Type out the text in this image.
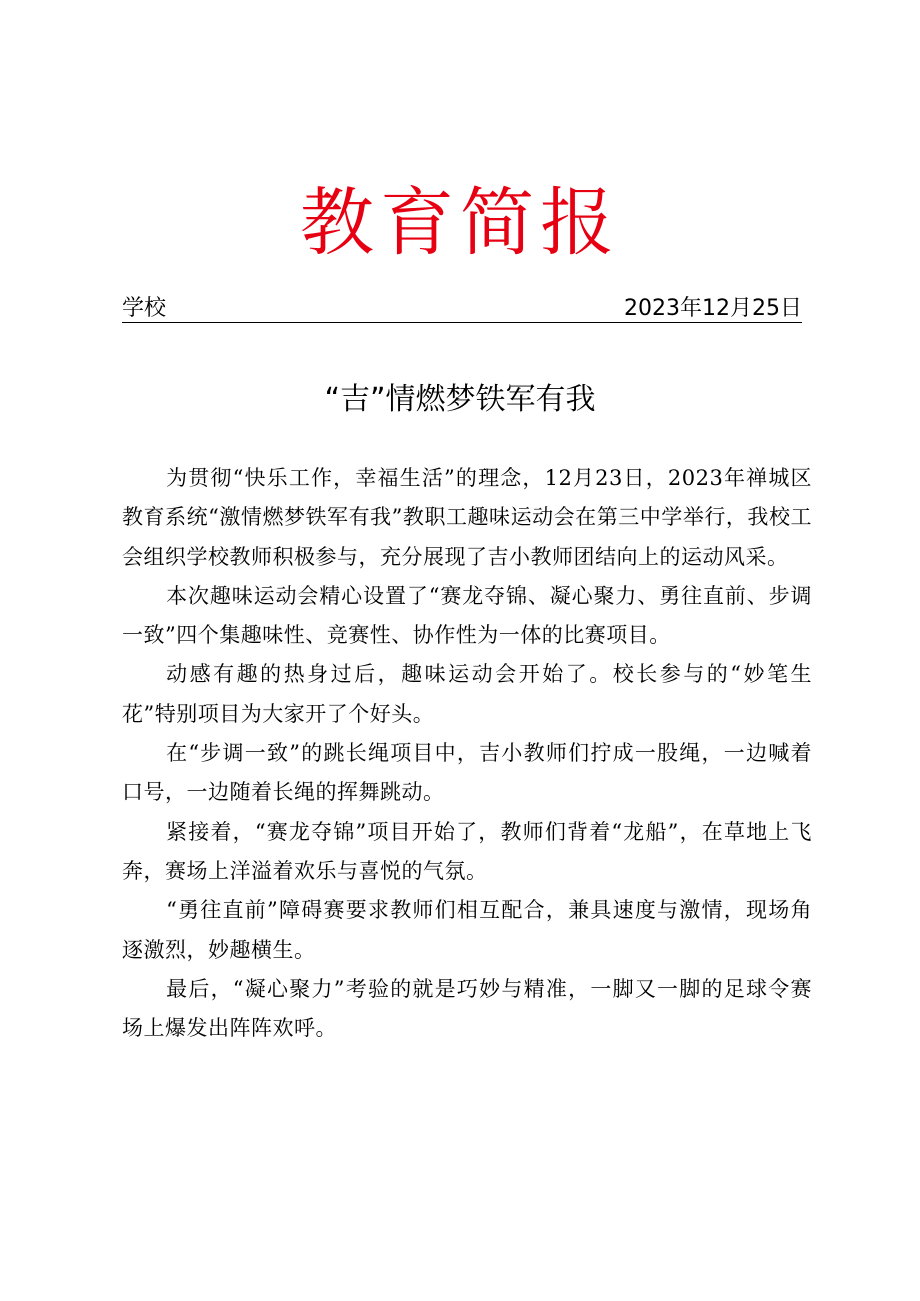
教育简报
学校	2023年12月25日
“吉”情燃梦铁军有我

为贯彻“快乐工作，幸福生活”的理念，12月23日，2023年禅城区教育系统“激情燃梦铁军有我”教职工趣味运动会在第三中学举行，我校工会组织学校教师积极参与，充分展现了吉小教师团结向上的运动风采。

本次趣味运动会精心设置了“赛龙夺锦、凝心聚力、勇往直前、步调一致”四个集趣味性、竞赛性、协作性为一体的比赛项目。

动感有趣的热身过后，趣味运动会开始了。校长参与的“妙笔生花”特别项目为大家开了个好头。

在“步调一致”的跳长绳项目中，吉小教师们拧成一股绳，一边喊着口号，一边随着长绳的挥舞跳动。

紧接着，“赛龙夺锦”项目开始了，教师们背着“龙船”，在草地上飞奔，赛场上洋溢着欢乐与喜悦的气氛。

“勇往直前”障碍赛要求教师们相互配合，兼具速度与激情，现场角逐激烈，妙趣横生。

最后，“凝心聚力”考验的就是巧妙与精准，一脚又一脚的足球令赛场上爆发出阵阵欢呼。
